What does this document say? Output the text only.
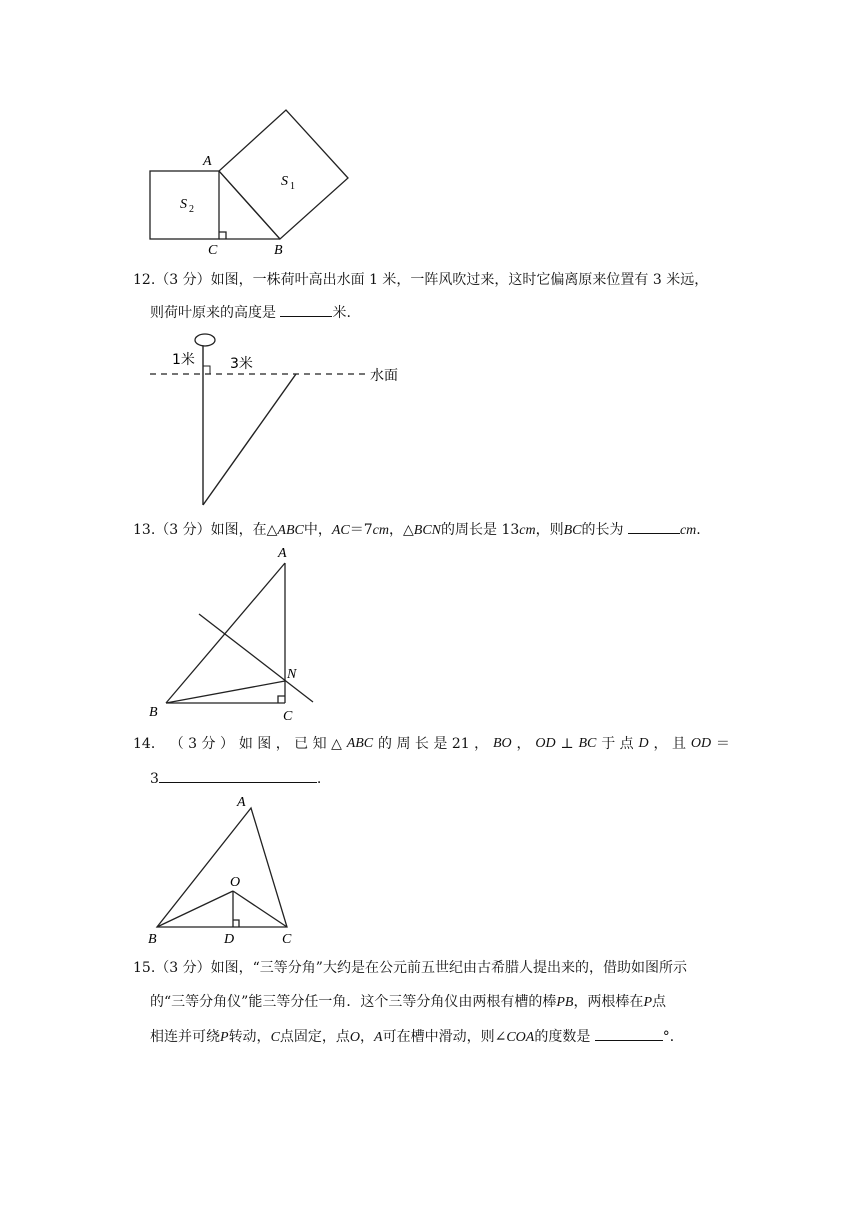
A
C	B
S 1
S 2
12.（3 分）如图，一株荷叶高出水面 1 米，一阵风吹过来，这时它偏离原来位置有 3 米远，
则荷叶原来的高度是	米.
1米	3米
水面
13.（3 分）如图，在△ABC中，AC＝7cm，△BCN的周长是 13cm，则BC的长为	cm.
A
B	C
N
14． （ 3 分 ） 如 图 ， 已 知 △ ABC 的 周 长 是 21 ， BO ， OD ⊥ BC 于 点 D ， 且 OD ＝
3	.
A
B	C
D
O
15.（3 分）如图，“三等分角”大约是在公元前五世纪由古希腊人提出来的，借助如图所示
的“三等分角仪”能三等分任一角．这个三等分角仪由两根有槽的棒PB，两根棒在P点
相连并可绕P转动，C点固定，点O，A可在槽中滑动，则∠COA的度数是	°．
